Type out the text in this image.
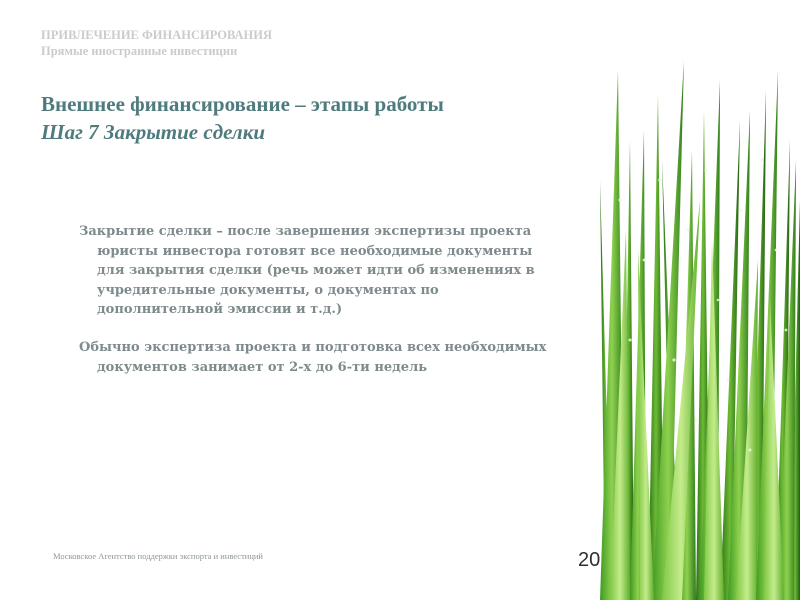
ПРИВЛЕЧЕНИЕ ФИНАНСИРОВАНИЯ
Прямые иностранные инвестиции
Внешнее финансирование – этапы работы
Шаг 7 Закрытие сделки
Закрытие сделки – после завершения экспертизы проекта
юристы инвестора готовят все необходимые документы
для закрытия сделки (речь может идти об изменениях в
учредительные документы, о документах по
дополнительной эмиссии и т.д.)
Обычно экспертиза проекта и подготовка всех необходимых
документов занимает от 2-х до 6-ти недель
Московское Агентство поддержки экспорта и инвестиций	20
